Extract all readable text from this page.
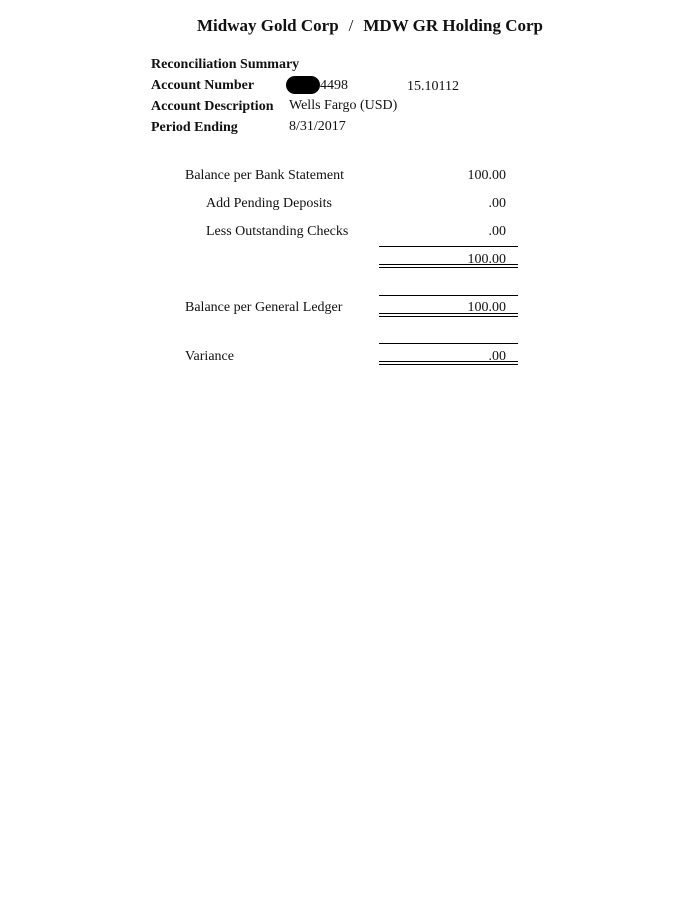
Midway Gold Corp / MDW GR Holding Corp
Reconciliation Summary
Account Number	4498	15.10112
Account Description Wells Fargo (USD)
Period Ending	8/31/2017
Balance per Bank Statement	100.00
Add Pending Deposits	.00
Less Outstanding Checks	.00
100.00
Balance per General Ledger	100.00
Variance	.00
